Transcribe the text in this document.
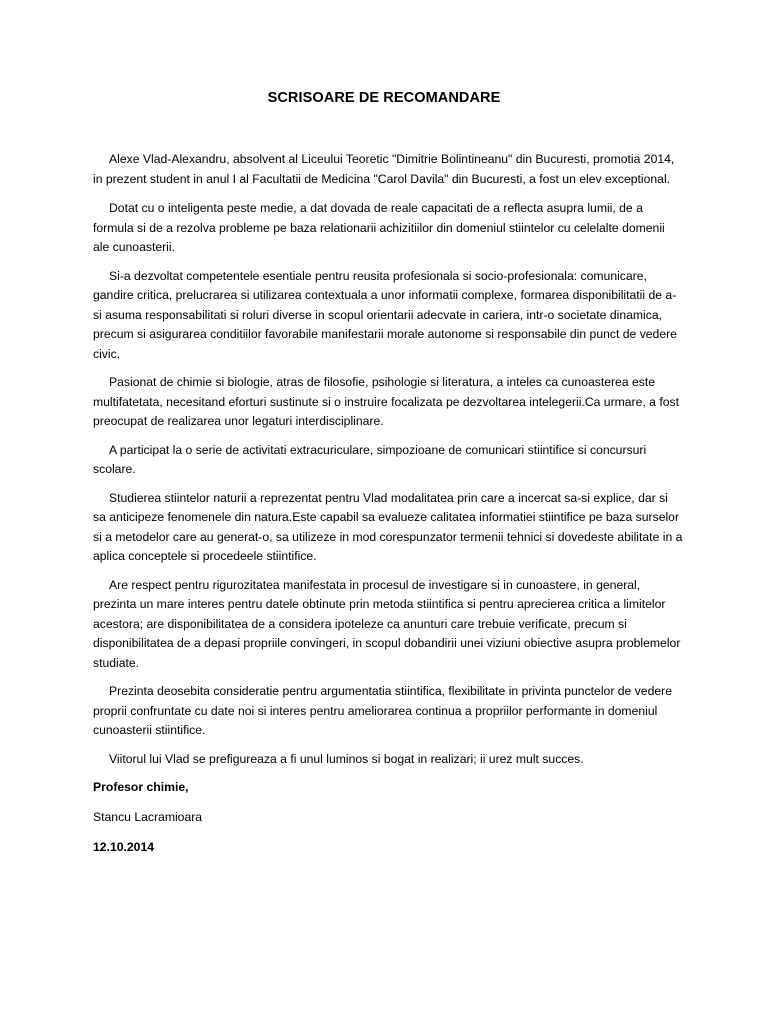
SCRISOARE DE RECOMANDARE

Alexe Vlad-Alexandru, absolvent al Liceului Teoretic "Dimitrie Bolintineanu" din Bucuresti, promotia 2014, in prezent student in anul I al Facultatii de Medicina "Carol Davila" din Bucuresti, a fost un elev exceptional.

Dotat cu o inteligenta peste medie, a dat dovada de reale capacitati de a reflecta asupra lumii, de a formula si de a rezolva probleme pe baza relationarii achizitiilor din domeniul stiintelor cu celelalte domenii ale cunoasterii.

Si-a dezvoltat competentele esentiale pentru reusita profesionala si socio-profesionala: comunicare, gandire critica, prelucrarea si utilizarea contextuala a unor informatii complexe, formarea disponibilitatii de a-si asuma responsabilitati si roluri diverse in scopul orientarii adecvate in cariera, intr-o societate dinamica, precum si asigurarea conditiilor favorabile manifestarii morale autonome si responsabile din punct de vedere civic.

Pasionat de chimie si biologie, atras de filosofie, psihologie si literatura, a inteles ca cunoasterea este multifatetata, necesitand eforturi sustinute si o instruire focalizata pe dezvoltarea intelegerii.Ca urmare, a fost preocupat de realizarea unor legaturi interdisciplinare.

A participat la o serie de activitati extracuriculare, simpozioane de comunicari stiintifice si concursuri scolare.

Studierea stiintelor naturii a reprezentat pentru Vlad modalitatea prin care a incercat sa-si explice, dar si sa anticipeze fenomenele din natura.Este capabil sa evalueze calitatea informatiei stiintifice pe baza surselor si a metodelor care au generat-o, sa utilizeze in mod corespunzator termenii tehnici si dovedeste abilitate in a aplica conceptele si procedeele stiintifice.

Are respect pentru rigurozitatea manifestata in procesul de investigare si in cunoastere, in general, prezinta un mare interes pentru datele obtinute prin metoda stiintifica si pentru aprecierea critica a limitelor acestora; are disponibilitatea de a considera ipoteleze ca anunturi care trebuie verificate, precum si disponibilitatea de a depasi propriile convingeri, in scopul dobandirii unei viziuni obiective asupra problemelor studiate.

Prezinta deosebita consideratie pentru argumentatia stiintifica, flexibilitate in privinta punctelor de vedere proprii confruntate cu date noi si interes pentru ameliorarea continua a propriilor performante in domeniul cunoasterii stiintifice.

Viitorul lui Vlad se prefigureaza a fi unul luminos si bogat in realizari; ii urez mult succes.

Profesor chimie,

Stancu Lacramioara

12.10.2014
